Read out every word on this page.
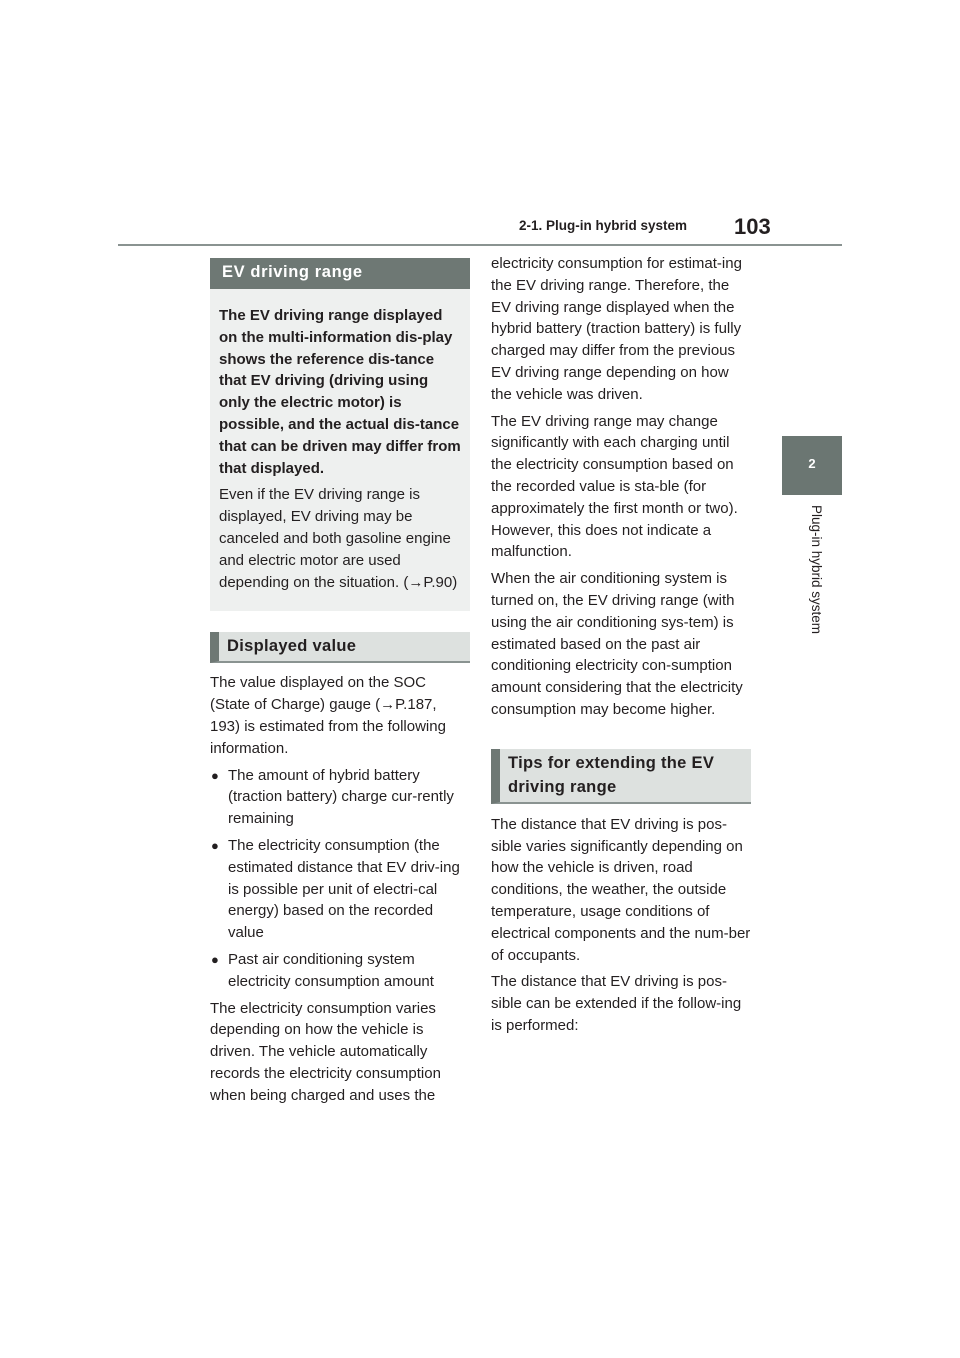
2-1. Plug-in hybrid system 103
2
Plug-in hybrid system
EV driving range

The EV driving range displayed on the multi-information dis-play shows the reference dis-tance that EV driving (driving using only the electric motor) is possible, and the actual dis-tance that can be driven may differ from that displayed.

Even if the EV driving range is displayed, EV driving may be canceled and both gasoline engine and electric motor are used depending on the situation. (→P.90)

Displayed value

The value displayed on the SOC (State of Charge) gauge (→P.187, 193) is estimated from the following information.

● The amount of hybrid battery (traction battery) charge cur-rently remaining
● The electricity consumption (the estimated distance that EV driv-ing is possible per unit of electri-cal energy) based on the recorded value
● Past air conditioning system electricity consumption amount

The electricity consumption varies depending on how the vehicle is driven. The vehicle automatically records the electricity consumption when being charged and uses the

electricity consumption for estimat-ing the EV driving range. Therefore, the EV driving range displayed when the hybrid battery (traction battery) is fully charged may differ from the previous EV driving range depending on how the vehicle was driven.

The EV driving range may change significantly with each charging until the electricity consumption based on the recorded value is sta-ble (for approximately the first month or two). However, this does not indicate a malfunction.

When the air conditioning system is turned on, the EV driving range (with using the air conditioning sys-tem) is estimated based on the past air conditioning electricity con-sumption amount considering that the electricity consumption may become higher.

Tips for extending the EV driving range

The distance that EV driving is pos-sible varies significantly depending on how the vehicle is driven, road conditions, the weather, the outside temperature, usage conditions of electrical components and the num-ber of occupants.

The distance that EV driving is pos-sible can be extended if the follow-ing is performed:
